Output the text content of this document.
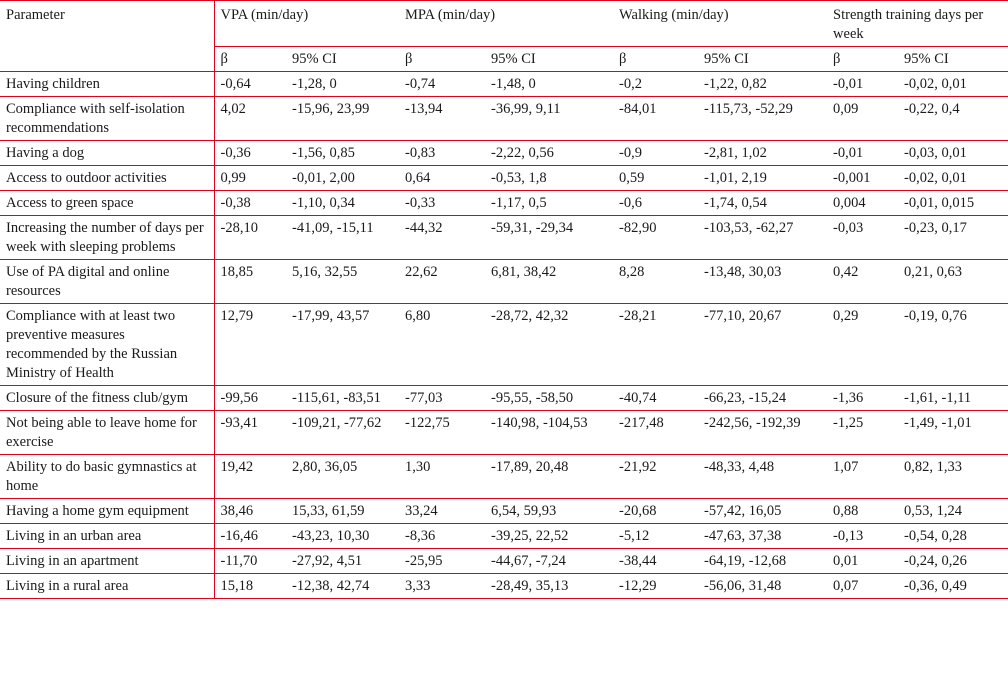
Parameter	VPA (min/day)		MPA (min/day)		Walking (min/day)		Strength training days per week	
	β	95% CI	β	95% CI	β	95% CI	β	95% CI
Having children	-0,64	-1,28, 0	-0,74	-1,48, 0	-0,2	-1,22, 0,82	-0,01	-0,02, 0,01
Compliance with self-isolation recommendations	4,02	-15,96, 23,99	-13,94	-36,99, 9,11	-84,01	-115,73, -52,29	0,09	-0,22, 0,4
Having a dog	-0,36	-1,56, 0,85	-0,83	-2,22, 0,56	-0,9	-2,81, 1,02	-0,01	-0,03, 0,01
Access to outdoor activities	0,99	-0,01, 2,00	0,64	-0,53, 1,8	0,59	-1,01, 2,19	-0,001	-0,02, 0,01
Access to green space	-0,38	-1,10, 0,34	-0,33	-1,17, 0,5	-0,6	-1,74, 0,54	0,004	-0,01, 0,015
Increasing the number of days per week with sleeping problems	-28,10	-41,09, -15,11	-44,32	-59,31, -29,34	-82,90	-103,53, -62,27	-0,03	-0,23, 0,17
Use of PA digital and online resources	18,85	5,16, 32,55	22,62	6,81, 38,42	8,28	-13,48, 30,03	0,42	0,21, 0,63
Compliance with at least two preventive measures recommended by the Russian Ministry of Health	12,79	-17,99, 43,57	6,80	-28,72, 42,32	-28,21	-77,10, 20,67	0,29	-0,19, 0,76
Closure of the fitness club/gym	-99,56	-115,61, -83,51	-77,03	-95,55, -58,50	-40,74	-66,23, -15,24	-1,36	-1,61, -1,11
Not being able to leave home for exercise	-93,41	-109,21, -77,62	-122,75	-140,98, -104,53	-217,48	-242,56, -192,39	-1,25	-1,49, -1,01
Ability to do basic gymnastics at home	19,42	2,80, 36,05	1,30	-17,89, 20,48	-21,92	-48,33, 4,48	1,07	0,82, 1,33
Having a home gym equipment	38,46	15,33, 61,59	33,24	6,54, 59,93	-20,68	-57,42, 16,05	0,88	0,53, 1,24
Living in an urban area	-16,46	-43,23, 10,30	-8,36	-39,25, 22,52	-5,12	-47,63, 37,38	-0,13	-0,54, 0,28
Living in an apartment	-11,70	-27,92, 4,51	-25,95	-44,67, -7,24	-38,44	-64,19, -12,68	0,01	-0,24, 0,26
Living in a rural area	15,18	-12,38, 42,74	3,33	-28,49, 35,13	-12,29	-56,06, 31,48	0,07	-0,36, 0,49
